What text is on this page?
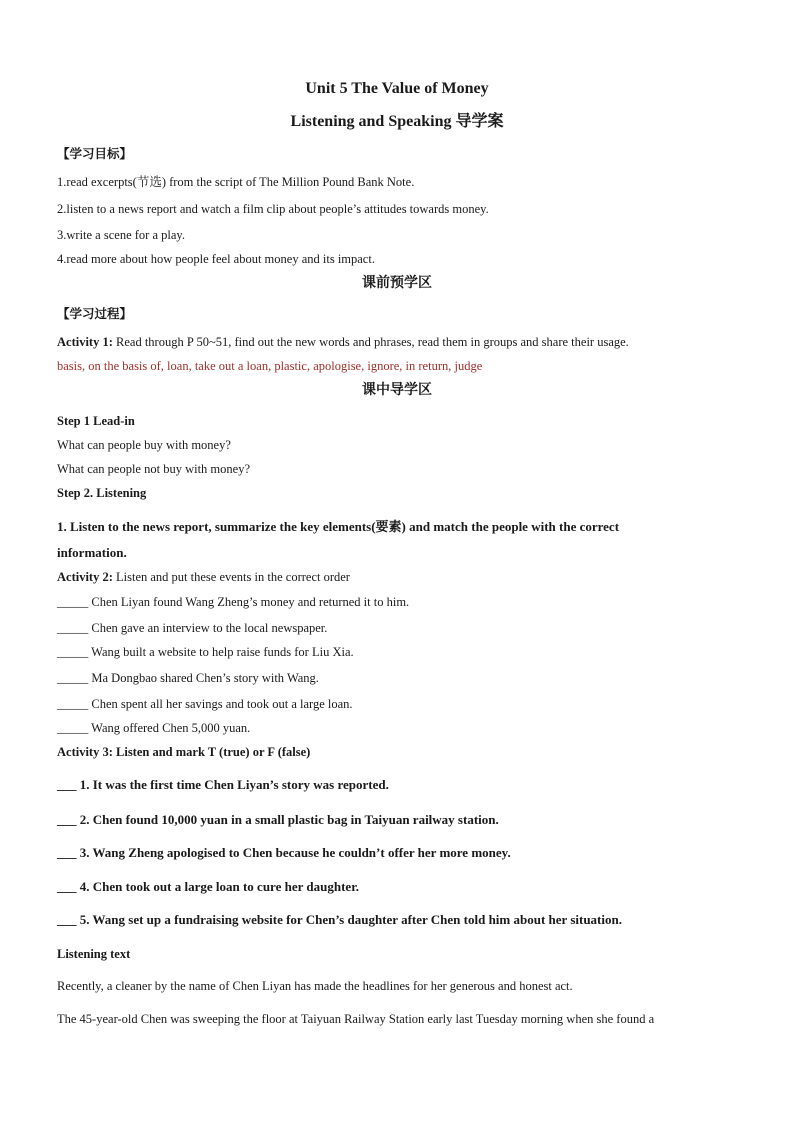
Unit 5 The Value of Money
Listening and Speaking 导学案
【学习目标】
1.read excerpts(节选) from the script of The Million Pound Bank Note.
2.listen to a news report and watch a film clip about people’s attitudes towards money.
3.write a scene for a play.
4.read more about how people feel about money and its impact.
课前预学区
【学习过程】
Activity 1: Read through P 50~51, find out the new words and phrases, read them in groups and share their usage.
basis, on the basis of, loan, take out a loan, plastic, apologise, ignore, in return, judge
课中导学区
Step 1 Lead-in
What can people buy with money?
What can people not buy with money?
Step 2. Listening
1. Listen to the news report, summarize the key elements(要素) and match the people with the correct
information.
Activity 2: Listen and put these events in the correct order
_____ Chen Liyan found Wang Zheng’s money and returned it to him.
_____ Chen gave an interview to the local newspaper.
_____ Wang built a website to help raise funds for Liu Xia.
_____ Ma Dongbao shared Chen’s story with Wang.
_____ Chen spent all her savings and took out a large loan.
_____ Wang offered Chen 5,000 yuan.
Activity 3: Listen and mark T (true) or F (false)
___ 1. It was the first time Chen Liyan’s story was reported.
___ 2. Chen found 10,000 yuan in a small plastic bag in Taiyuan railway station.
___ 3. Wang Zheng apologised to Chen because he couldn’t offer her more money.
___ 4. Chen took out a large loan to cure her daughter.
___ 5. Wang set up a fundraising website for Chen’s daughter after Chen told him about her situation.
Listening text
Recently, a cleaner by the name of Chen Liyan has made the headlines for her generous and honest act.
The 45-year-old Chen was sweeping the floor at Taiyuan Railway Station early last Tuesday morning when she found a
